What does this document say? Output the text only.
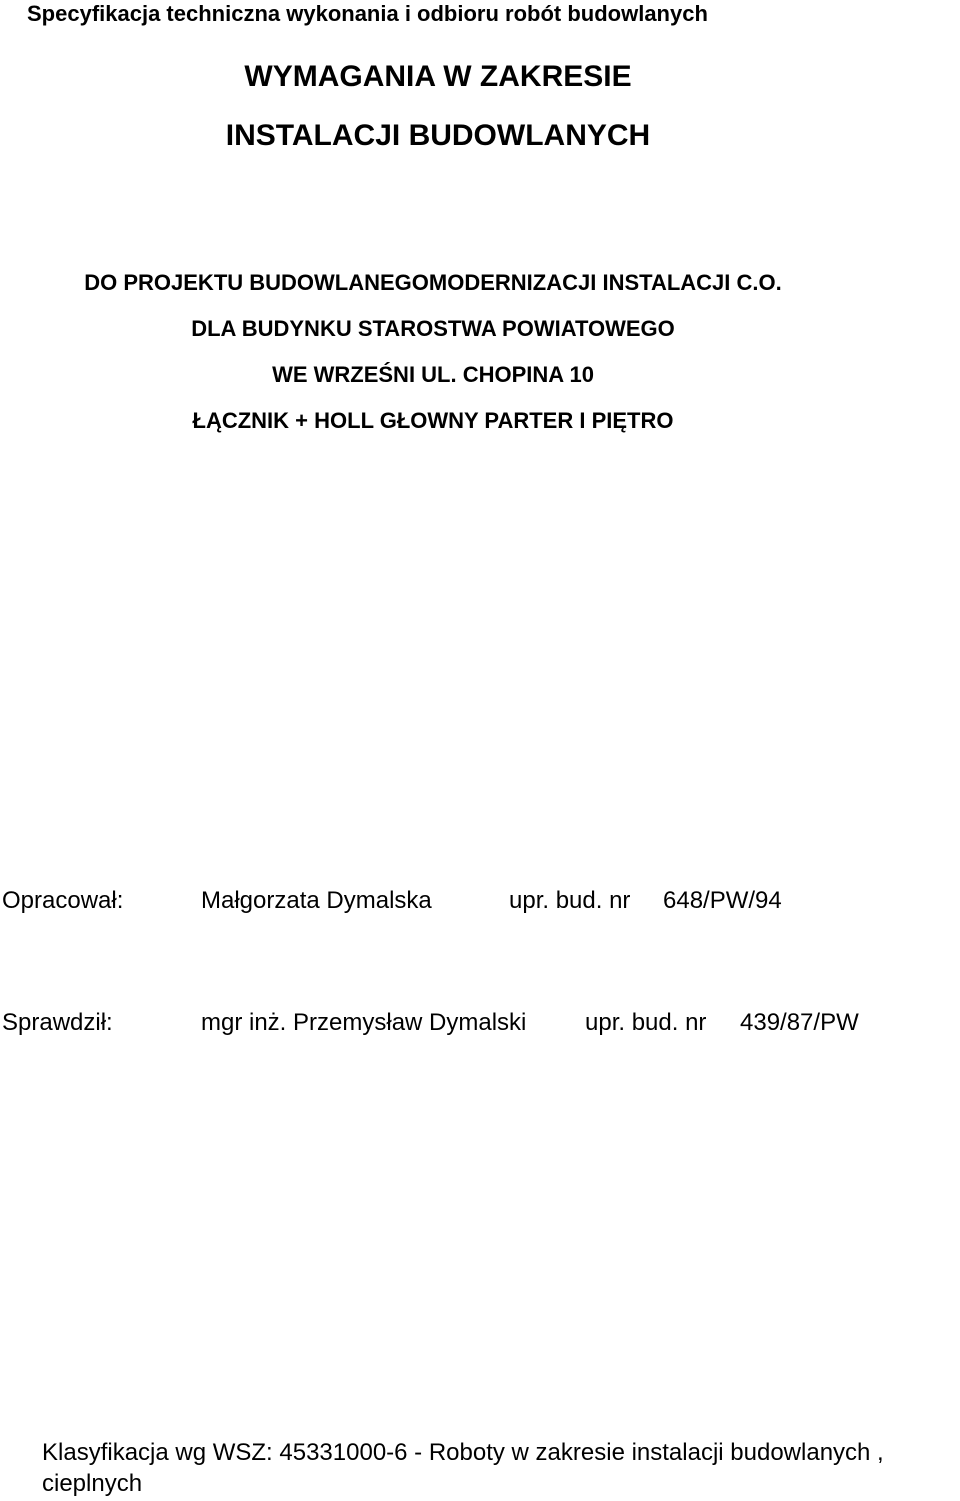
Specyfikacja techniczna wykonania i odbioru robót budowlanych
WYMAGANIA W ZAKRESIE
INSTALACJI BUDOWLANYCH
DO PROJEKTU BUDOWLANEGOMODERNIZACJI INSTALACJI C.O.
DLA BUDYNKU STAROSTWA POWIATOWEGO
WE WRZEŚNI UL. CHOPINA 10
ŁĄCZNIK + HOLL GŁOWNY PARTER I PIĘTRO
Opracował:	Małgorzata Dymalska	upr. bud. nr 648/PW/94
Sprawdził:	mgr inż. Przemysław Dymalski upr. bud. nr 439/87/PW
Klasyfikacja wg WSZ: 45331000-6 - Roboty w zakresie instalacji budowlanych , cieplnych
